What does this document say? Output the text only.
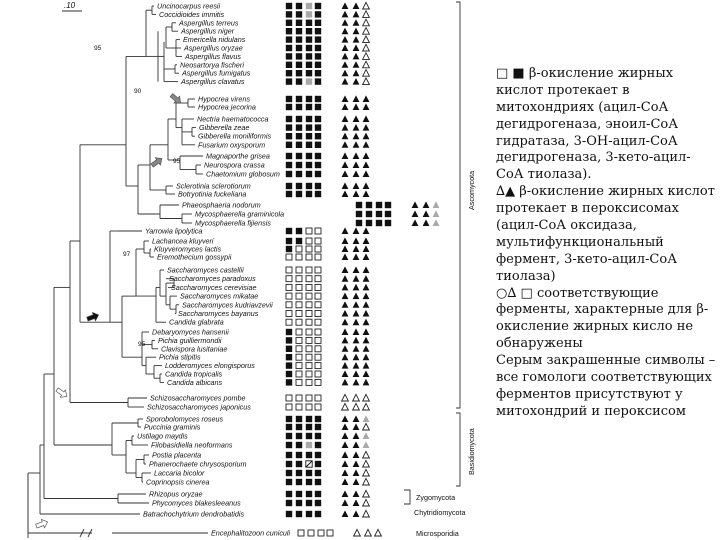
Uncinocarpus reesii
Coccidioides immitis
Aspergillus terreus
Aspergillus niger
Emericella nidulans
Aspergillus oryzae
Aspergillus flavus
Neosartorya fischeri
Aspergillus fumigatus
Aspergillus clavatus
Hypocrea virens
Hypocrea jecorina
Nectria haematococca
Gibberella zeae
Gibberella moniliformis
Fusarium oxysporum
Magnaporthe grisea
Neurospora crassa
Chaetomium globosum
Sclerotinia sclerotiorum
Botryotinia fuckeliana
Phaeosphaeria nodorum
Mycosphaerella graminicola
Mycosphaerella fijiensis
Yarrowia lipolytica
Lachancea kluyveri
Kluyveromyces lactis
Eremothecium gossypii
Saccharomyces castellii
Saccharomyces paradoxus
Saccharomyces cerevisiae
Saccharomyces mikatae
Saccharomyces kudriavzevii
Saccharomyces bayanus
Candida glabrata
Debaryomyces hansenii
Pichia guilliermondii
Clavispora lusitaniae
Pichia stipitis
Lodderomyces elongisporus
Candida tropicalis
Candida albicans
Schizosaccharomyces pombe
Schizosaccharomyces japonicus
Sporobolomyces roseus
Puccinia graminis
Ustilago maydis
Filobasidiella neoformans
Postia placenta
Phanerochaete chrysosporium
Laccaria bicolor
Coprinopsis cinerea
Rhizopus oryzae
Phycomyces blakesleeanus
Batrachochytrium dendrobatidis
Encephalitozoon cuniculi
Ascomycota
Basidiomycota
Zygomycota
Chytridiomycota
Microsporidia
90
95
95
97
95
.10

□ ■ β-окисление жирных кислот протекает в митохондриях (ацил-СоА дегидрогеназа, эноил-СоА гидратаза, 3-ОН-ацил-СоА дегидрогеназа, 3-кето-ацил-СоА тиолаза).

∆▲ β-окисление жирных кислот протекает в пероксисомах (ацил-СоА оксидаза, мультифункциональный фермент, 3-кето-ацил-СоА тиолаза)

○∆ □ соответствующие ферменты, характерные для β-окисление жирных кисло не обнаружены

Серым закрашенные символы – все гомологи соответствующих ферментов присутствуют у митохондрий и пероксисом
